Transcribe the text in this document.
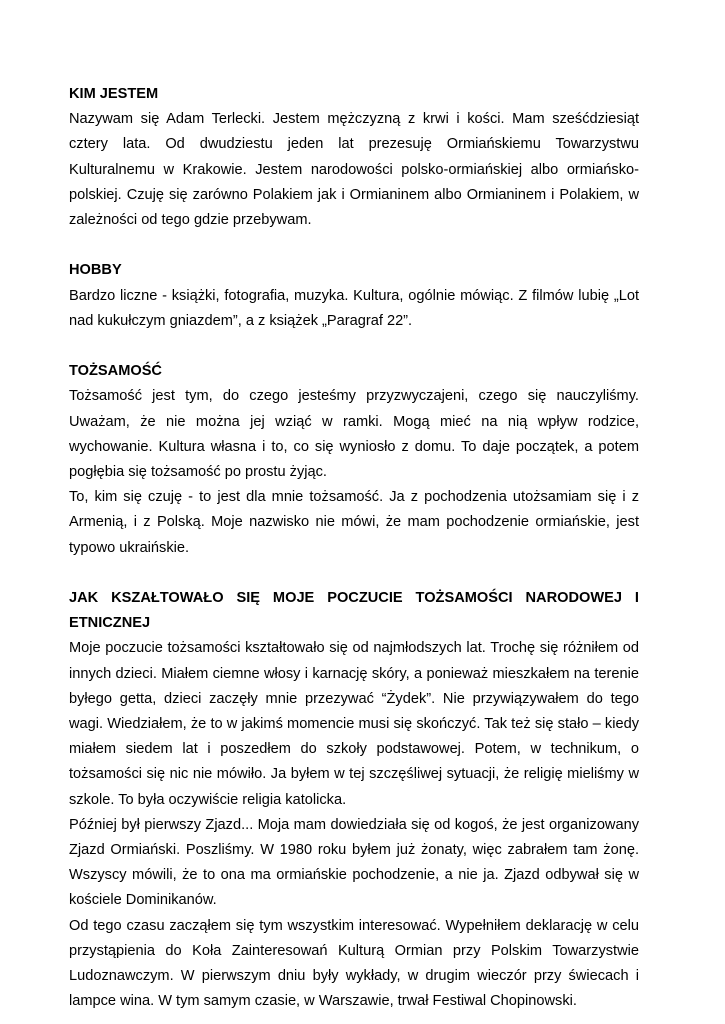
KIM JESTEM

Nazywam się Adam Terlecki. Jestem mężczyzną z krwi i kości. Mam sześćdziesiąt cztery lata. Od dwudziestu jeden lat prezesuję Ormiańskiemu Towarzystwu Kulturalnemu w Krakowie. Jestem narodowości polsko-ormiańskiej albo ormiańsko-polskiej. Czuję się zarówno Polakiem jak i Ormianinem albo Ormianinem i Polakiem, w zależności od tego gdzie przebywam.

HOBBY

Bardzo liczne - książki, fotografia, muzyka. Kultura, ogólnie mówiąc. Z filmów lubię „Lot nad kukułczym gniazdem”, a z książek „Paragraf 22”.

TOŻSAMOŚĆ

Tożsamość jest tym, do czego jesteśmy przyzwyczajeni, czego się nauczyliśmy. Uważam, że nie można jej wziąć w ramki. Mogą mieć na nią wpływ rodzice, wychowanie. Kultura własna i to, co się wyniosło z domu. To daje początek, a potem pogłębia się tożsamość po prostu żyjąc.

To, kim się czuję - to jest dla mnie tożsamość. Ja z pochodzenia utożsamiam się i z Armenią, i z Polską. Moje nazwisko nie mówi, że mam pochodzenie ormiańskie, jest typowo ukraińskie.

JAK KSZAŁTOWAŁO SIĘ MOJE POCZUCIE TOŻSAMOŚCI NARODOWEJ I ETNICZNEJ

Moje poczucie tożsamości kształtowało się od najmłodszych lat. Trochę się różniłem od innych dzieci. Miałem ciemne włosy i karnację skóry, a ponieważ mieszkałem na terenie byłego getta, dzieci zaczęły mnie przezywać “Żydek”. Nie przywiązywałem do tego wagi. Wiedziałem, że to w jakimś momencie musi się skończyć. Tak też się stało – kiedy miałem siedem lat i poszedłem do szkoły podstawowej. Potem, w technikum, o tożsamości się nic nie mówiło. Ja byłem w tej szczęśliwej sytuacji, że religię mieliśmy w szkole. To była oczywiście religia katolicka.

Później był pierwszy Zjazd... Moja mam dowiedziała się od kogoś, że jest organizowany Zjazd Ormiański. Poszliśmy. W 1980 roku byłem już żonaty, więc zabrałem tam żonę. Wszyscy mówili, że to ona ma ormiańskie pochodzenie, a nie ja. Zjazd odbywał się w kościele Dominikanów.

Od tego czasu zacząłem się tym wszystkim interesować. Wypełniłem deklarację w celu przystąpienia do Koła Zainteresowań Kulturą Ormian przy Polskim Towarzystwie Ludoznawczym. W pierwszym dniu były wykłady, w drugim wieczór przy świecach i lampce wina. W tym samym czasie, w Warszawie, trwał Festiwal Chopinowski.
